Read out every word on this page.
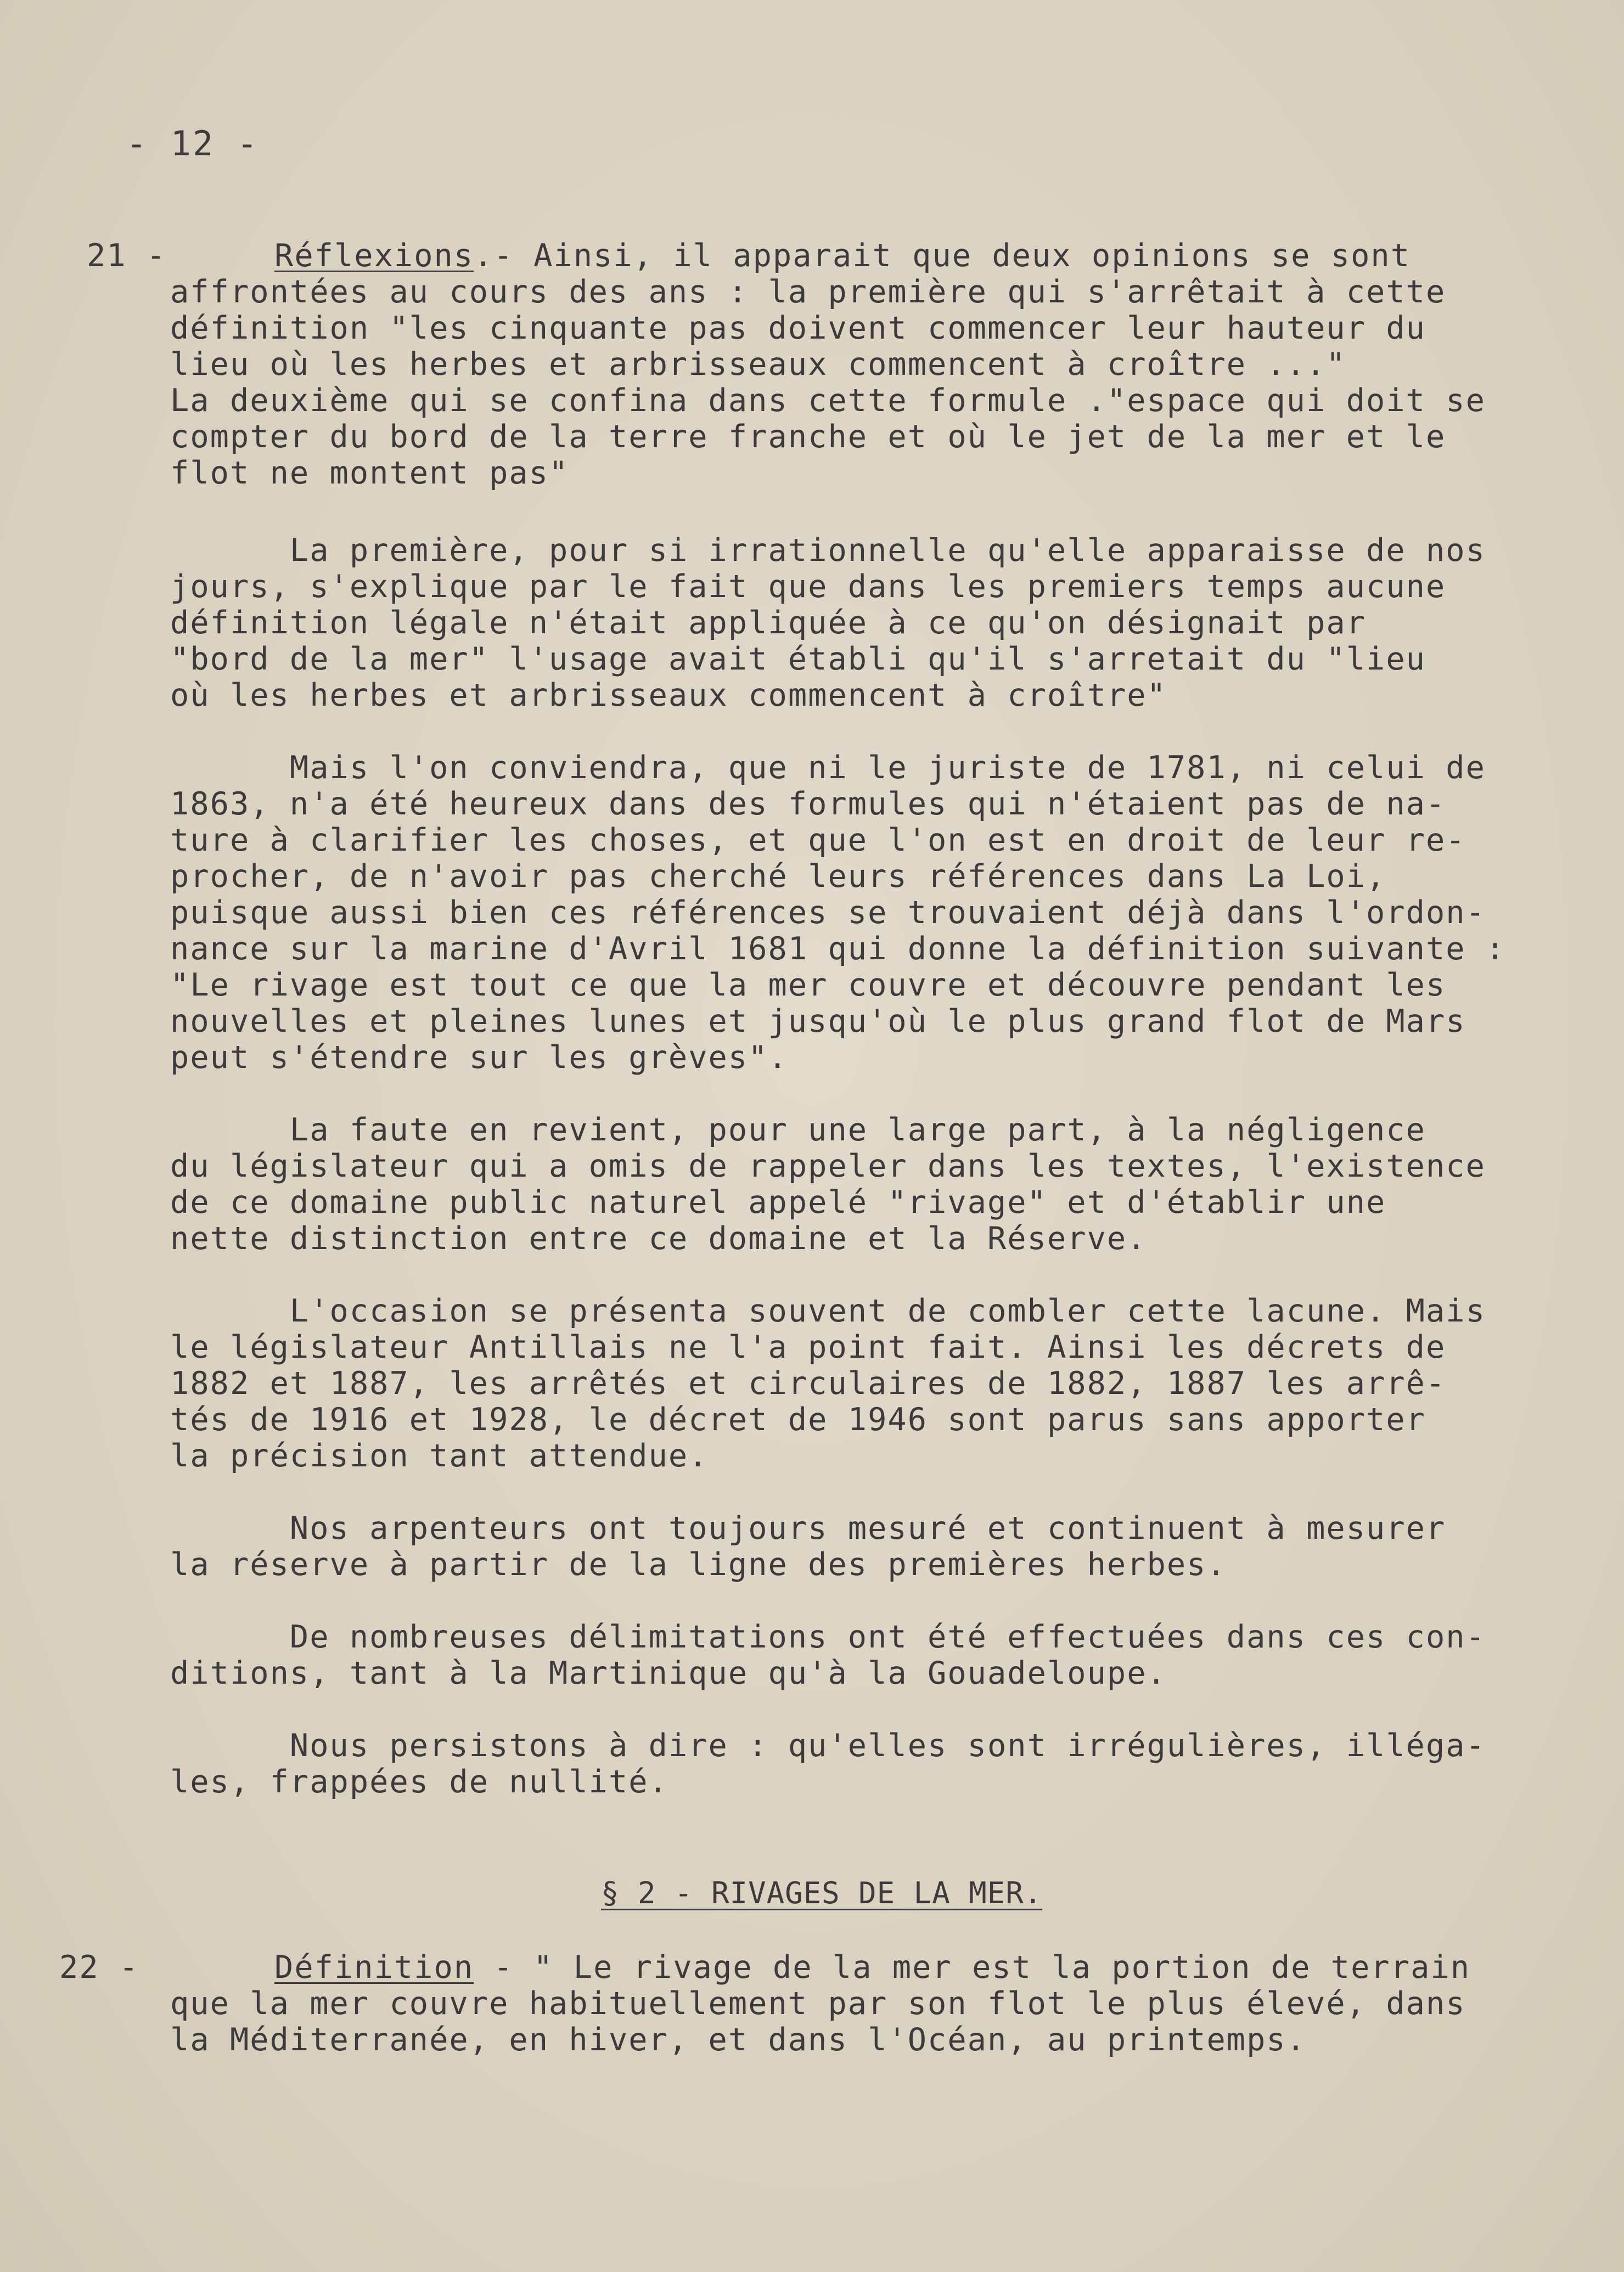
- 12 -
21 -	Réflexions.- Ainsi, il apparait que deux opinions se sont
affrontées au cours des ans : la première qui s'arrêtait à cette
définition "les cinquante pas doivent commencer leur hauteur du
lieu où les herbes et arbrisseaux commencent à croître ..."
La deuxième qui se confina dans cette formule ."espace qui doit se
compter du bord de la terre franche et où le jet de la mer et le
flot ne montent pas"
La première, pour si irrationnelle qu'elle apparaisse de nos
jours, s'explique par le fait que dans les premiers temps aucune
définition légale n'était appliquée à ce qu'on désignait par
"bord de la mer" l'usage avait établi qu'il s'arretait du "lieu
où les herbes et arbrisseaux commencent à croître"
Mais l'on conviendra, que ni le juriste de 1781, ni celui de
1863, n'a été heureux dans des formules qui n'étaient pas de na-
ture à clarifier les choses, et que l'on est en droit de leur re-
procher, de n'avoir pas cherché leurs références dans La Loi,
puisque aussi bien ces références se trouvaient déjà dans l'ordon-
nance sur la marine d'Avril 1681 qui donne la définition suivante :
"Le rivage est tout ce que la mer couvre et découvre pendant les
nouvelles et pleines lunes et jusqu'où le plus grand flot de Mars
peut s'étendre sur les grèves".
La faute en revient, pour une large part, à la négligence
du législateur qui a omis de rappeler dans les textes, l'existence
de ce domaine public naturel appelé "rivage" et d'établir une
nette distinction entre ce domaine et la Réserve.
L'occasion se présenta souvent de combler cette lacune. Mais
le législateur Antillais ne l'a point fait. Ainsi les décrets de
1882 et 1887, les arrêtés et circulaires de 1882, 1887 les arrê-
tés de 1916 et 1928, le décret de 1946 sont parus sans apporter
la précision tant attendue.
Nos arpenteurs ont toujours mesuré et continuent à mesurer
la réserve à partir de la ligne des premières herbes.
De nombreuses délimitations ont été effectuées dans ces con-
ditions, tant à la Martinique qu'à la Gouadeloupe.
Nous persistons à dire : qu'elles sont irrégulières, illéga-
les, frappées de nullité.
§ 2 - RIVAGES DE LA MER.
22 -	Définition - " Le rivage de la mer est la portion de terrain
que la mer couvre habituellement par son flot le plus élevé, dans
la Méditerranée, en hiver, et dans l'Océan, au printemps.
